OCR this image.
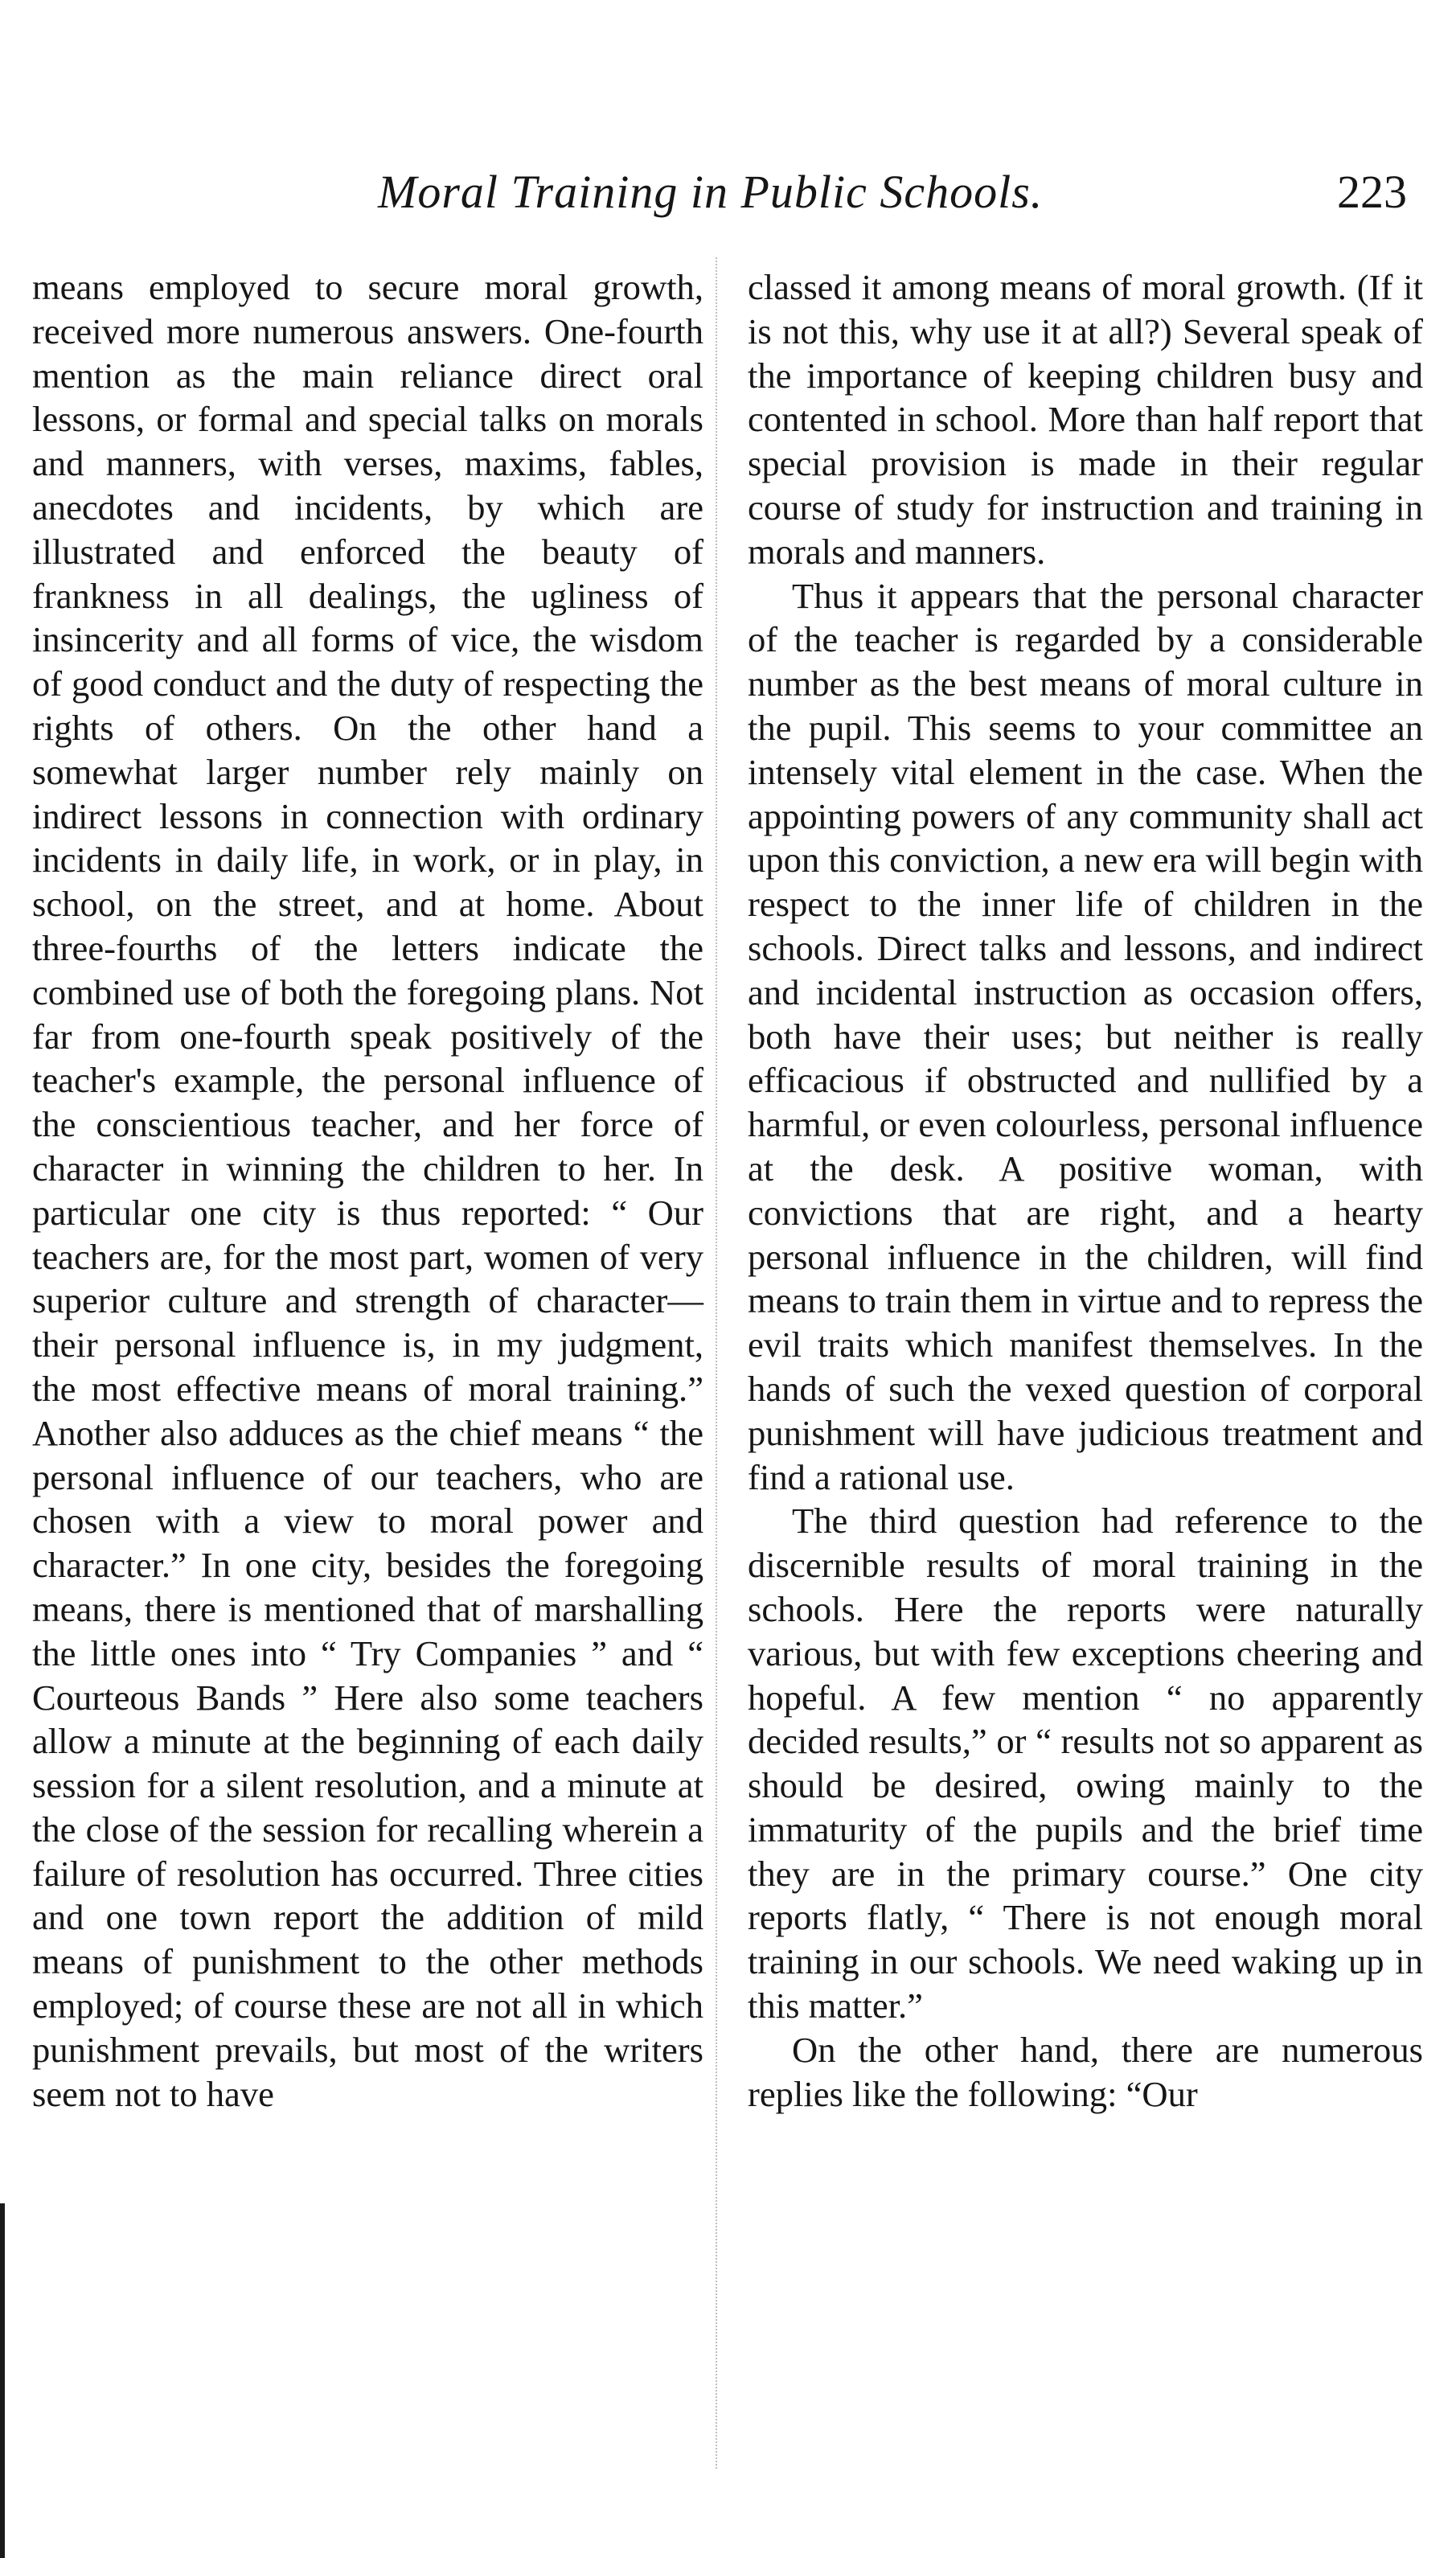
Moral Training in Public Schools.	223

means employed to secure moral growth, received more numerous answers. One-fourth mention as the main reliance direct oral lessons, or formal and special talks on morals and manners, with verses, maxims, fables, anecdotes and incidents, by which are illustrated and enforced the beauty of frankness in all dealings, the ugliness of insincerity and all forms of vice, the wisdom of good conduct and the duty of respecting the rights of others. On the other hand a somewhat larger number rely mainly on indirect lessons in connection with ordinary incidents in daily life, in work, or in play, in school, on the street, and at home. About three-fourths of the letters indicate the combined use of both the foregoing plans. Not far from one-fourth speak positively of the teacher's example, the personal influence of the conscientious teacher, and her force of character in winning the children to her. In particular one city is thus reported: “ Our teachers are, for the most part, women of very superior culture and strength of character—their personal influence is, in my judgment, the most effective means of moral training.” Another also adduces as the chief means “ the personal influence of our teachers, who are chosen with a view to moral power and character.” In one city, besides the foregoing means, there is mentioned that of marshalling the little ones into “ Try Companies ” and “ Courteous Bands ” Here also some teachers allow a minute at the beginning of each daily session for a silent resolution, and a minute at the close of the session for recalling wherein a failure of resolution has occurred. Three cities and one town report the addition of mild means of punishment to the other methods employed; of course these are not all in which punishment prevails, but most of the writers seem not to have

classed it among means of moral growth. (If it is not this, why use it at all?) Several speak of the importance of keeping children busy and contented in school. More than half report that special provision is made in their regular course of study for instruction and training in morals and manners.

Thus it appears that the personal character of the teacher is regarded by a considerable number as the best means of moral culture in the pupil. This seems to your committee an intensely vital element in the case. When the appointing powers of any community shall act upon this conviction, a new era will begin with respect to the inner life of children in the schools. Direct talks and lessons, and indirect and incidental instruction as occasion offers, both have their uses; but neither is really efficacious if obstructed and nullified by a harmful, or even colourless, personal influence at the desk. A positive woman, with convictions that are right, and a hearty personal influence in the children, will find means to train them in virtue and to repress the evil traits which manifest themselves. In the hands of such the vexed question of corporal punishment will have judicious treatment and find a rational use.

The third question had reference to the discernible results of moral training in the schools. Here the reports were naturally various, but with few exceptions cheering and hopeful. A few mention “ no apparently decided results,” or “ results not so apparent as should be desired, owing mainly to the immaturity of the pupils and the brief time they are in the primary course.” One city reports flatly, “ There is not enough moral training in our schools. We need waking up in this matter.”

On the other hand, there are numerous replies like the following: “Our
